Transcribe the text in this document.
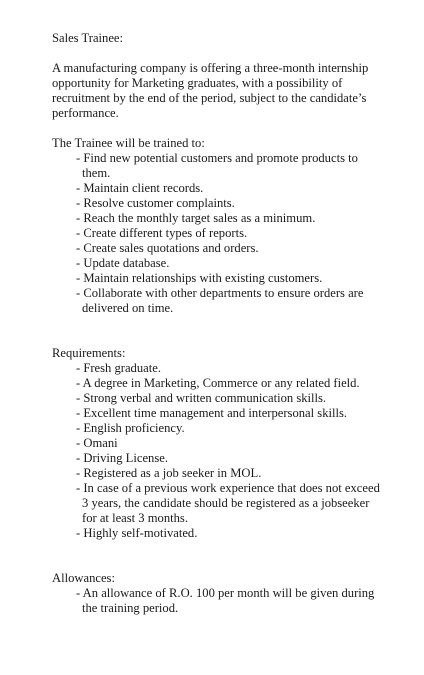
Sales Trainee:

A manufacturing company is offering a three-month internship opportunity for Marketing graduates, with a possibility of recruitment by the end of the period, subject to the candidate’s performance.

The Trainee will be trained to:
- Find new potential customers and promote products to them.
- Maintain client records.
- Resolve customer complaints.
- Reach the monthly target sales as a minimum.
- Create different types of reports.
- Create sales quotations and orders.
- Update database.
- Maintain relationships with existing customers.
- Collaborate with other departments to ensure orders are delivered on time.
Requirements:
- Fresh graduate.
- A degree in Marketing, Commerce or any related field.
- Strong verbal and written communication skills.
- Excellent time management and interpersonal skills.
- English proficiency.
- Omani
- Driving License.
- Registered as a job seeker in MOL.
- In case of a previous work experience that does not exceed 3 years, the candidate should be registered as a jobseeker for at least 3 months.
- Highly self-motivated.
Allowances:
- An allowance of R.O. 100 per month will be given during the training period.
